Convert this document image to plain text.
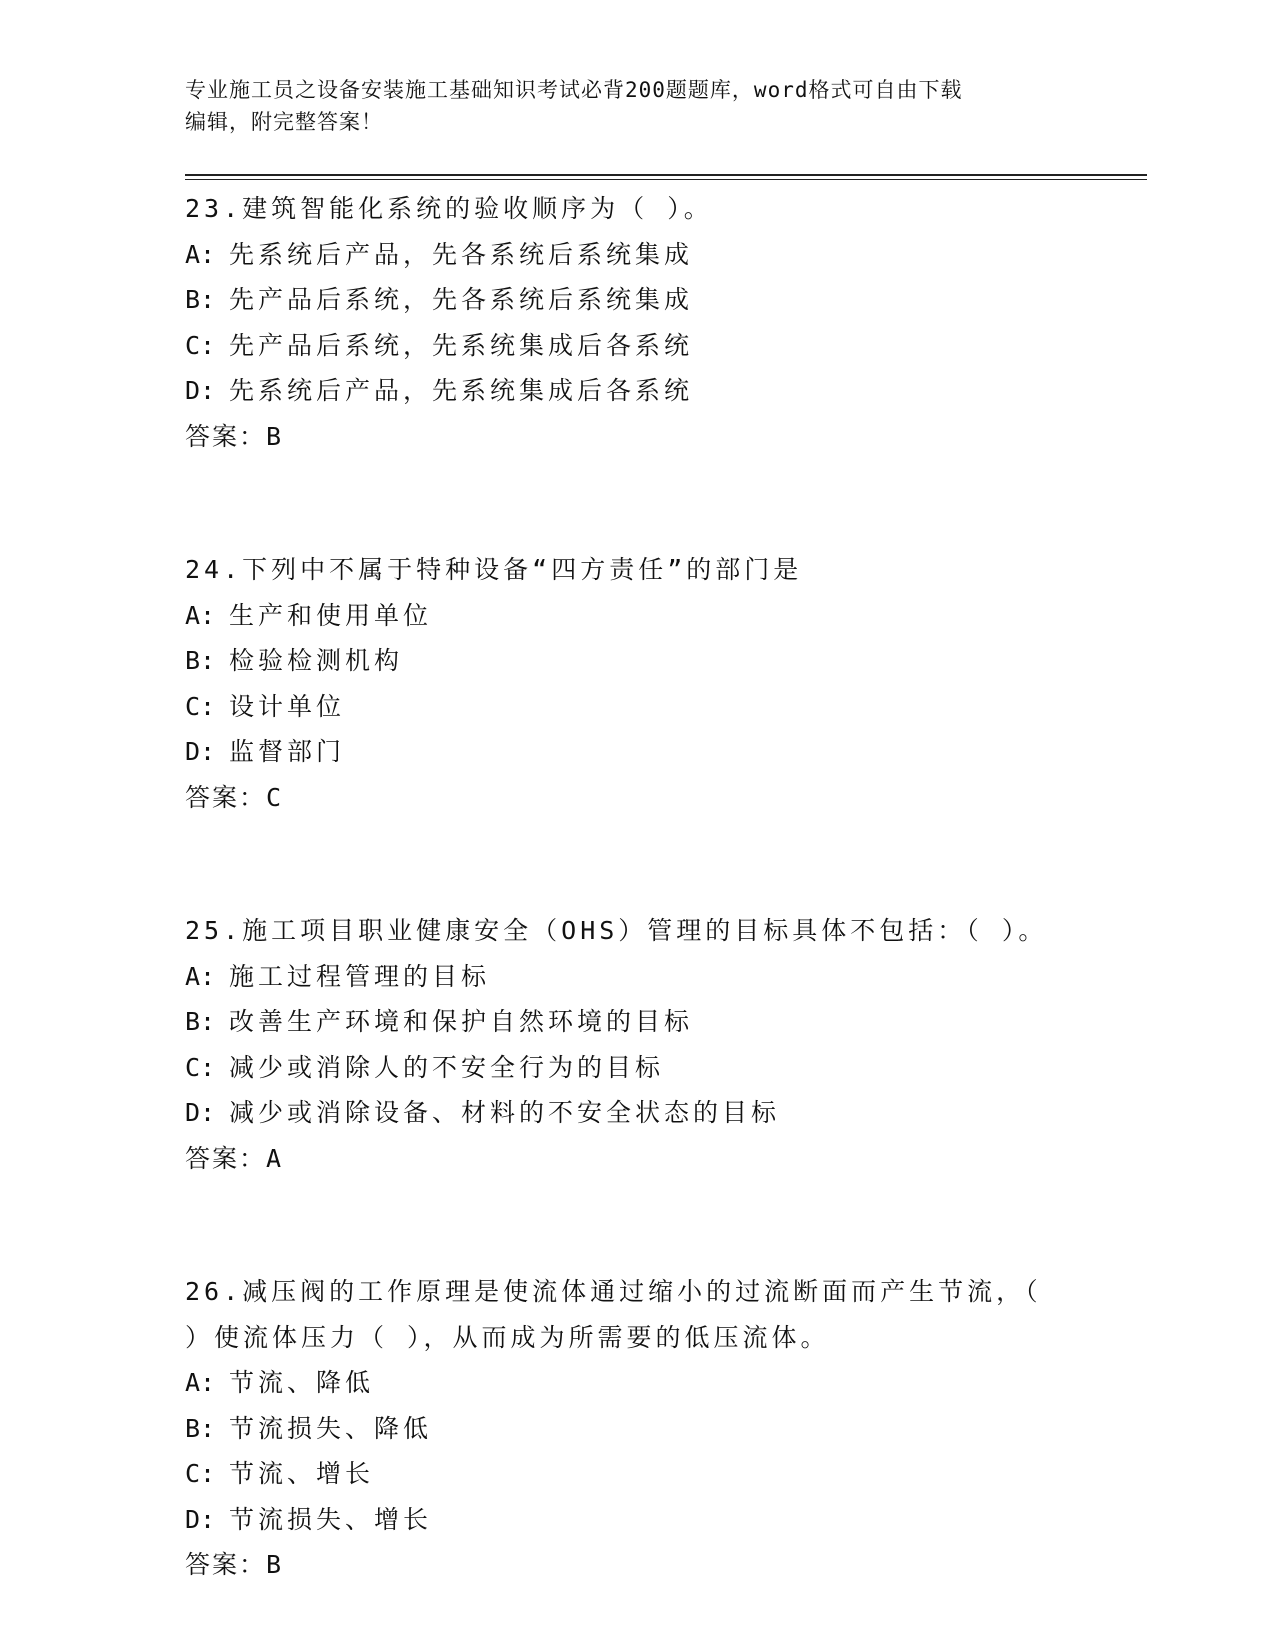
专业施工员之设备安装施工基础知识考试必背200题题库，word格式可自由下载
编辑，附完整答案！
23.建筑智能化系统的验收顺序为（ ）。
A: 先系统后产品，先各系统后系统集成
B: 先产品后系统，先各系统后系统集成
C: 先产品后系统，先系统集成后各系统
D: 先系统后产品，先系统集成后各系统
答案：B
24.下列中不属于特种设备“四方责任”的部门是
A: 生产和使用单位
B: 检验检测机构
C: 设计单位
D: 监督部门
答案：C
25.施工项目职业健康安全（OHS）管理的目标具体不包括：（ ）。
A: 施工过程管理的目标
B: 改善生产环境和保护自然环境的目标
C: 减少或消除人的不安全行为的目标
D: 减少或消除设备、材料的不安全状态的目标
答案：A
26.减压阀的工作原理是使流体通过缩小的过流断面而产生节流，（
）使流体压力（ ），从而成为所需要的低压流体。
A: 节流、降低
B: 节流损失、降低
C: 节流、增长
D: 节流损失、增长
答案：B
